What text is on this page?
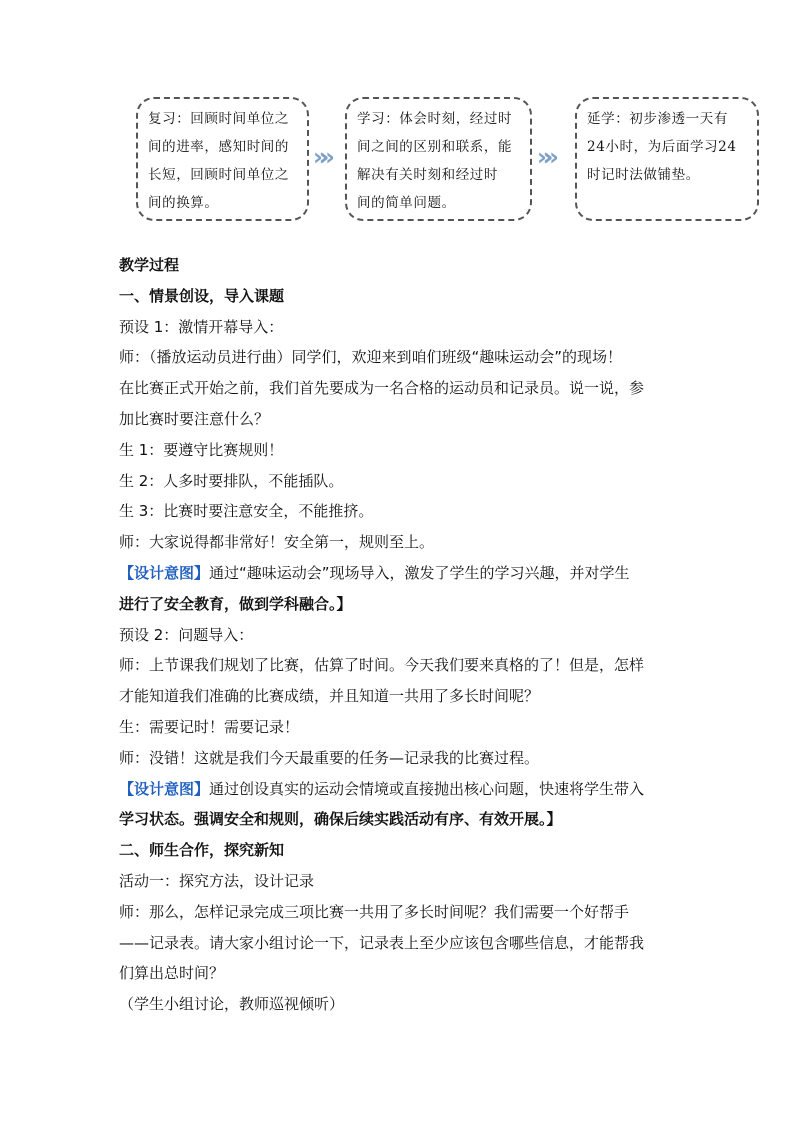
复习：回顾时间单位之
间的进率，感知时间的
长短，回顾时间单位之
间的换算。
»»
学习：体会时刻，经过时
间之间的区别和联系，能
解决有关时刻和经过时
间的简单问题。
»»
延学：初步渗透一天有
24小时，为后面学习24
时记时法做铺垫。

教学过程

一、情景创设，导入课题

预设 1：激情开幕导入：

师：（播放运动员进行曲）同学们，欢迎来到咱们班级“趣味运动会”的现场！

在比赛正式开始之前，我们首先要成为一名合格的运动员和记录员。说一说，参

加比赛时要注意什么？

生 1：要遵守比赛规则！

生 2：人多时要排队，不能插队。

生 3：比赛时要注意安全，不能推挤。

师：大家说得都非常好！安全第一，规则至上。

【设计意图】通过“趣味运动会”现场导入，激发了学生的学习兴趣，并对学生

进行了安全教育，做到学科融合。】

预设 2：问题导入：

师：上节课我们规划了比赛，估算了时间。今天我们要来真格的了！但是，怎样

才能知道我们准确的比赛成绩，并且知道一共用了多长时间呢？

生：需要记时！需要记录！

师：没错！这就是我们今天最重要的任务—记录我的比赛过程。

【设计意图】通过创设真实的运动会情境或直接抛出核心问题，快速将学生带入

学习状态。强调安全和规则，确保后续实践活动有序、有效开展。】

二、师生合作，探究新知

活动一：探究方法，设计记录

师：那么，怎样记录完成三项比赛一共用了多长时间呢？我们需要一个好帮手

——记录表。请大家小组讨论一下，记录表上至少应该包含哪些信息，才能帮我

们算出总时间？

（学生小组讨论，教师巡视倾听）
